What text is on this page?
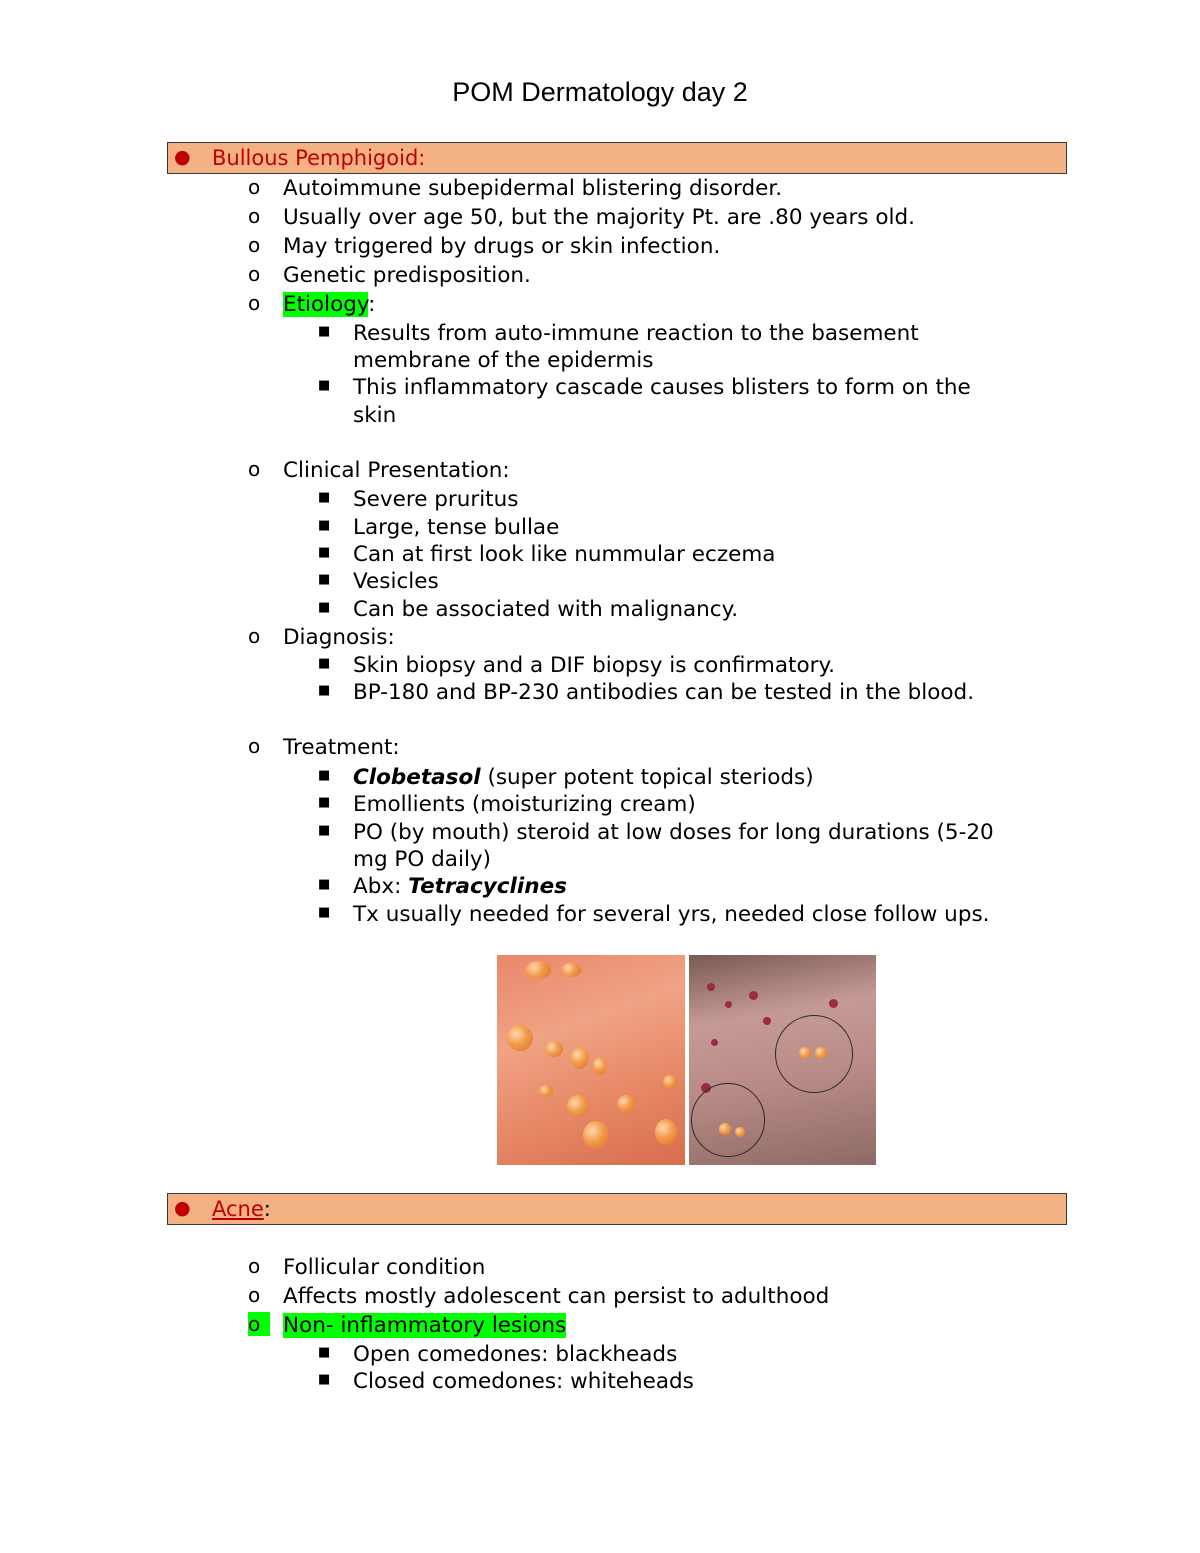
POM Dermatology day 2
● Bullous Pemphigoid:
o Autoimmune subepidermal blistering disorder.
o Usually over age 50, but the majority Pt. are .80 years old.
o May triggered by drugs or skin infection.
o Genetic predisposition.
o Etiology:
■ Results from auto-immune reaction to the basement
membrane of the epidermis
■ This inflammatory cascade causes blisters to form on the
skin
o Clinical Presentation:
■ Severe pruritus
■ Large, tense bullae
■ Can at first look like nummular eczema
■ Vesicles
■ Can be associated with malignancy.
o Diagnosis:
■ Skin biopsy and a DIF biopsy is confirmatory.
■ BP-180 and BP-230 antibodies can be tested in the blood.
o Treatment:
■ Clobetasol (super potent topical steriods)
■ Emollients (moisturizing cream)
■ PO (by mouth) steroid at low doses for long durations (5-20
mg PO daily)
■ Abx: Tetracyclines
■ Tx usually needed for several yrs, needed close follow ups.
● Acne:
o Follicular condition
o Affects mostly adolescent can persist to adulthood
o	Non- inflammatory lesions
■ Open comedones: blackheads
■ Closed comedones: whiteheads
